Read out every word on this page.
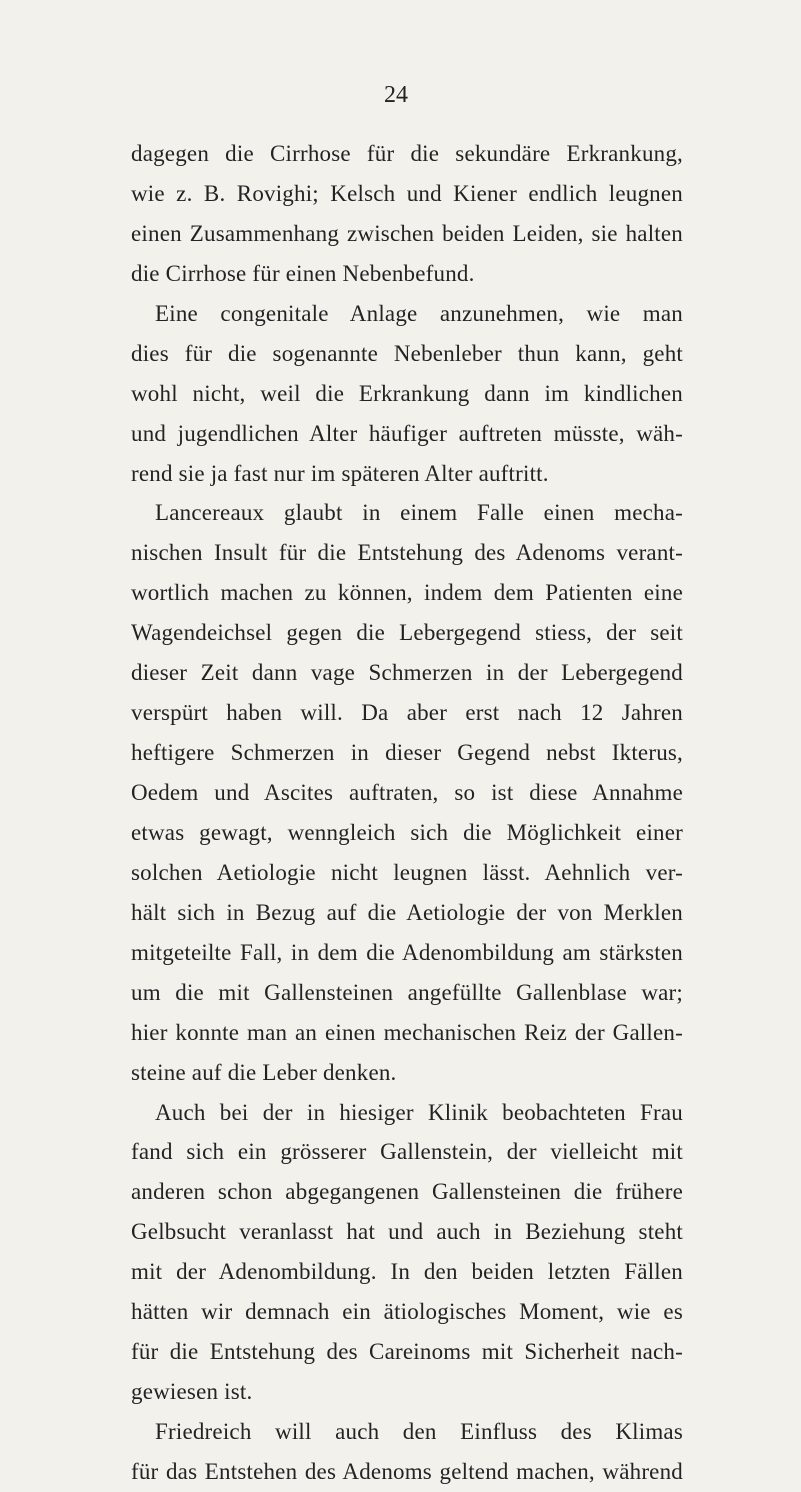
24
dagegen die Cirrhose für die sekundäre Erkrankung,
wie z. B. Rovighi; Kelsch und Kiener endlich leugnen
einen Zusammenhang zwischen beiden Leiden, sie halten
die Cirrhose für einen Nebenbefund.
Eine congenitale Anlage anzunehmen, wie man
dies für die sogenannte Nebenleber thun kann, geht
wohl nicht, weil die Erkrankung dann im kindlichen
und jugendlichen Alter häufiger auftreten müsste, wäh-
rend sie ja fast nur im späteren Alter auftritt.
Lancereaux glaubt in einem Falle einen mecha-
nischen Insult für die Entstehung des Adenoms verant-
wortlich machen zu können, indem dem Patienten eine
Wagendeichsel gegen die Lebergegend stiess, der seit
dieser Zeit dann vage Schmerzen in der Lebergegend
verspürt haben will. Da aber erst nach 12 Jahren
heftigere Schmerzen in dieser Gegend nebst Ikterus,
Oedem und Ascites auftraten, so ist diese Annahme
etwas gewagt, wenngleich sich die Möglichkeit einer
solchen Aetiologie nicht leugnen lässt. Aehnlich ver-
hält sich in Bezug auf die Aetiologie der von Merklen
mitgeteilte Fall, in dem die Adenombildung am stärksten
um die mit Gallensteinen angefüllte Gallenblase war;
hier konnte man an einen mechanischen Reiz der Gallen-
steine auf die Leber denken.
Auch bei der in hiesiger Klinik beobachteten Frau
fand sich ein grösserer Gallenstein, der vielleicht mit
anderen schon abgegangenen Gallensteinen die frühere
Gelbsucht veranlasst hat und auch in Beziehung steht
mit der Adenombildung. In den beiden letzten Fällen
hätten wir demnach ein ätiologisches Moment, wie es
für die Entstehung des Careinoms mit Sicherheit nach-
gewiesen ist.
Friedreich will auch den Einfluss des Klimas
für das Entstehen des Adenoms geltend machen, während
